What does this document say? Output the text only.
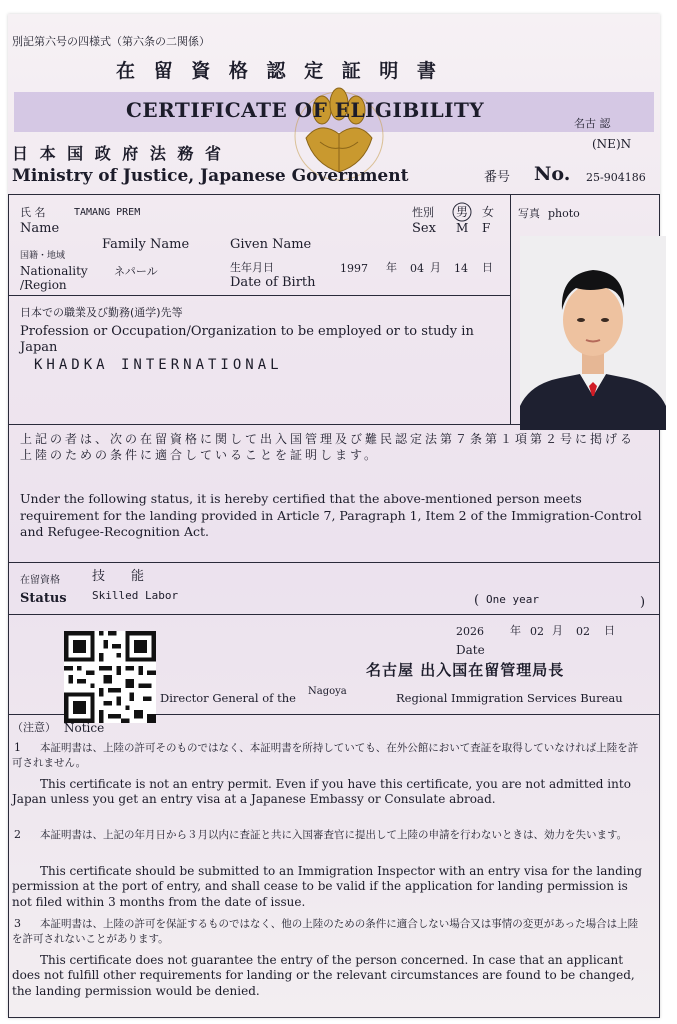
別記第六号の四様式（第六条の二関係）
在 留 資 格 認 定 証 明 書
CERTIFICATE OF ELIGIBILITY
名古 認
(NE)N
日 本 国 政 府 法 務 省
Ministry of Justice, Japanese Government	番号 No. 25-904186
氏 名	TAMANG PREM
Name
性別 男 女
Sex M F
Family Name	Given Name
国籍・地域
Nationality
/Region
ネパール	生年月日
Date of Birth
1997 年 04 月 14 日
写真 photo
日本での職業及び勤務(通学)先等
Profession or Occupation/Organization to be employed or to study in Japan
KHADKA INTERNATIONAL
上記の者は、次の在留資格に関して出入国管理及び難民認定法第７条第１項第２号に掲げる上陸のための条件に適合していることを証明します。
Under the following status, it is hereby certified that the above-mentioned person meets requirement for the landing provided in Article 7, Paragraph 1, Item 2 of the Immigration-Control and Refugee-Recognition Act.
在留資格
Status
技　　能
Skilled Labor	( One year	)
2026 年 02 月 02 日
Date
名古屋 出入国在留管理局長
Director General of the Nagoya	Regional Immigration Services Bureau
（注意） Notice
1	本証明書は、上陸の許可そのものではなく、本証明書を所持していても、在外公館において査証を取得していなければ上陸を許可されません。
This certificate is not an entry permit. Even if you have this certificate, you are not admitted into Japan unless you get an entry visa at a Japanese Embassy or Consulate abroad.
2	本証明書は、上記の年月日から３月以内に査証と共に入国審査官に提出して上陸の申請を行わないときは、効力を失います。
This certificate should be submitted to an Immigration Inspector with an entry visa for the landing permission at the port of entry, and shall cease to be valid if the application for landing permission is not filed within 3 months from the date of issue.
3	本証明書は、上陸の許可を保証するものではなく、他の上陸のための条件に適合しない場合又は事情の変更があった場合は上陸を許可されないことがあります。
This certificate does not guarantee the entry of the person concerned. In case that an applicant does not fulfill other requirements for landing or the relevant circumstances are found to be changed, the landing permission would be denied.
